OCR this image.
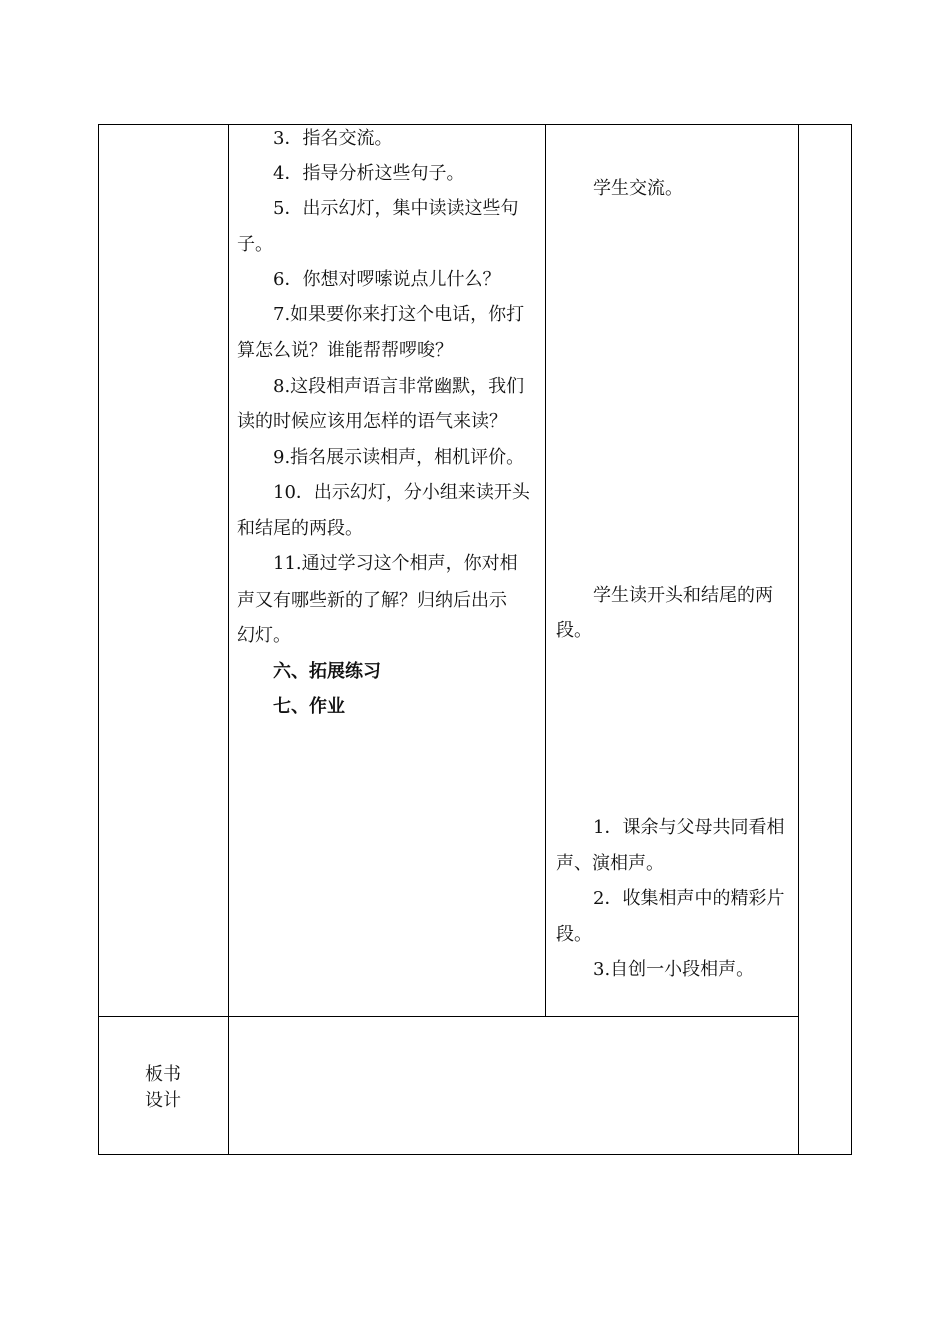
3．指名交流。
4．指导分析这些句子。
5．出示幻灯，集中读读这些句
子。
6．你想对啰嗦说点儿什么？
7.如果要你来打这个电话，你打
算怎么说？谁能帮帮啰唆？
8.这段相声语言非常幽默，我们
读的时候应该用怎样的语气来读？
9.指名展示读相声，相机评价。
10．出示幻灯，分小组来读开头
和结尾的两段。
11.通过学习这个相声，你对相
声又有哪些新的了解？归纳后出示
幻灯。
六、拓展练习
七、作业
学生交流。
学生读开头和结尾的两
段。
1．课余与父母共同看相
声、演相声。
2．收集相声中的精彩片
段。
3.自创一小段相声。
板书
设计
